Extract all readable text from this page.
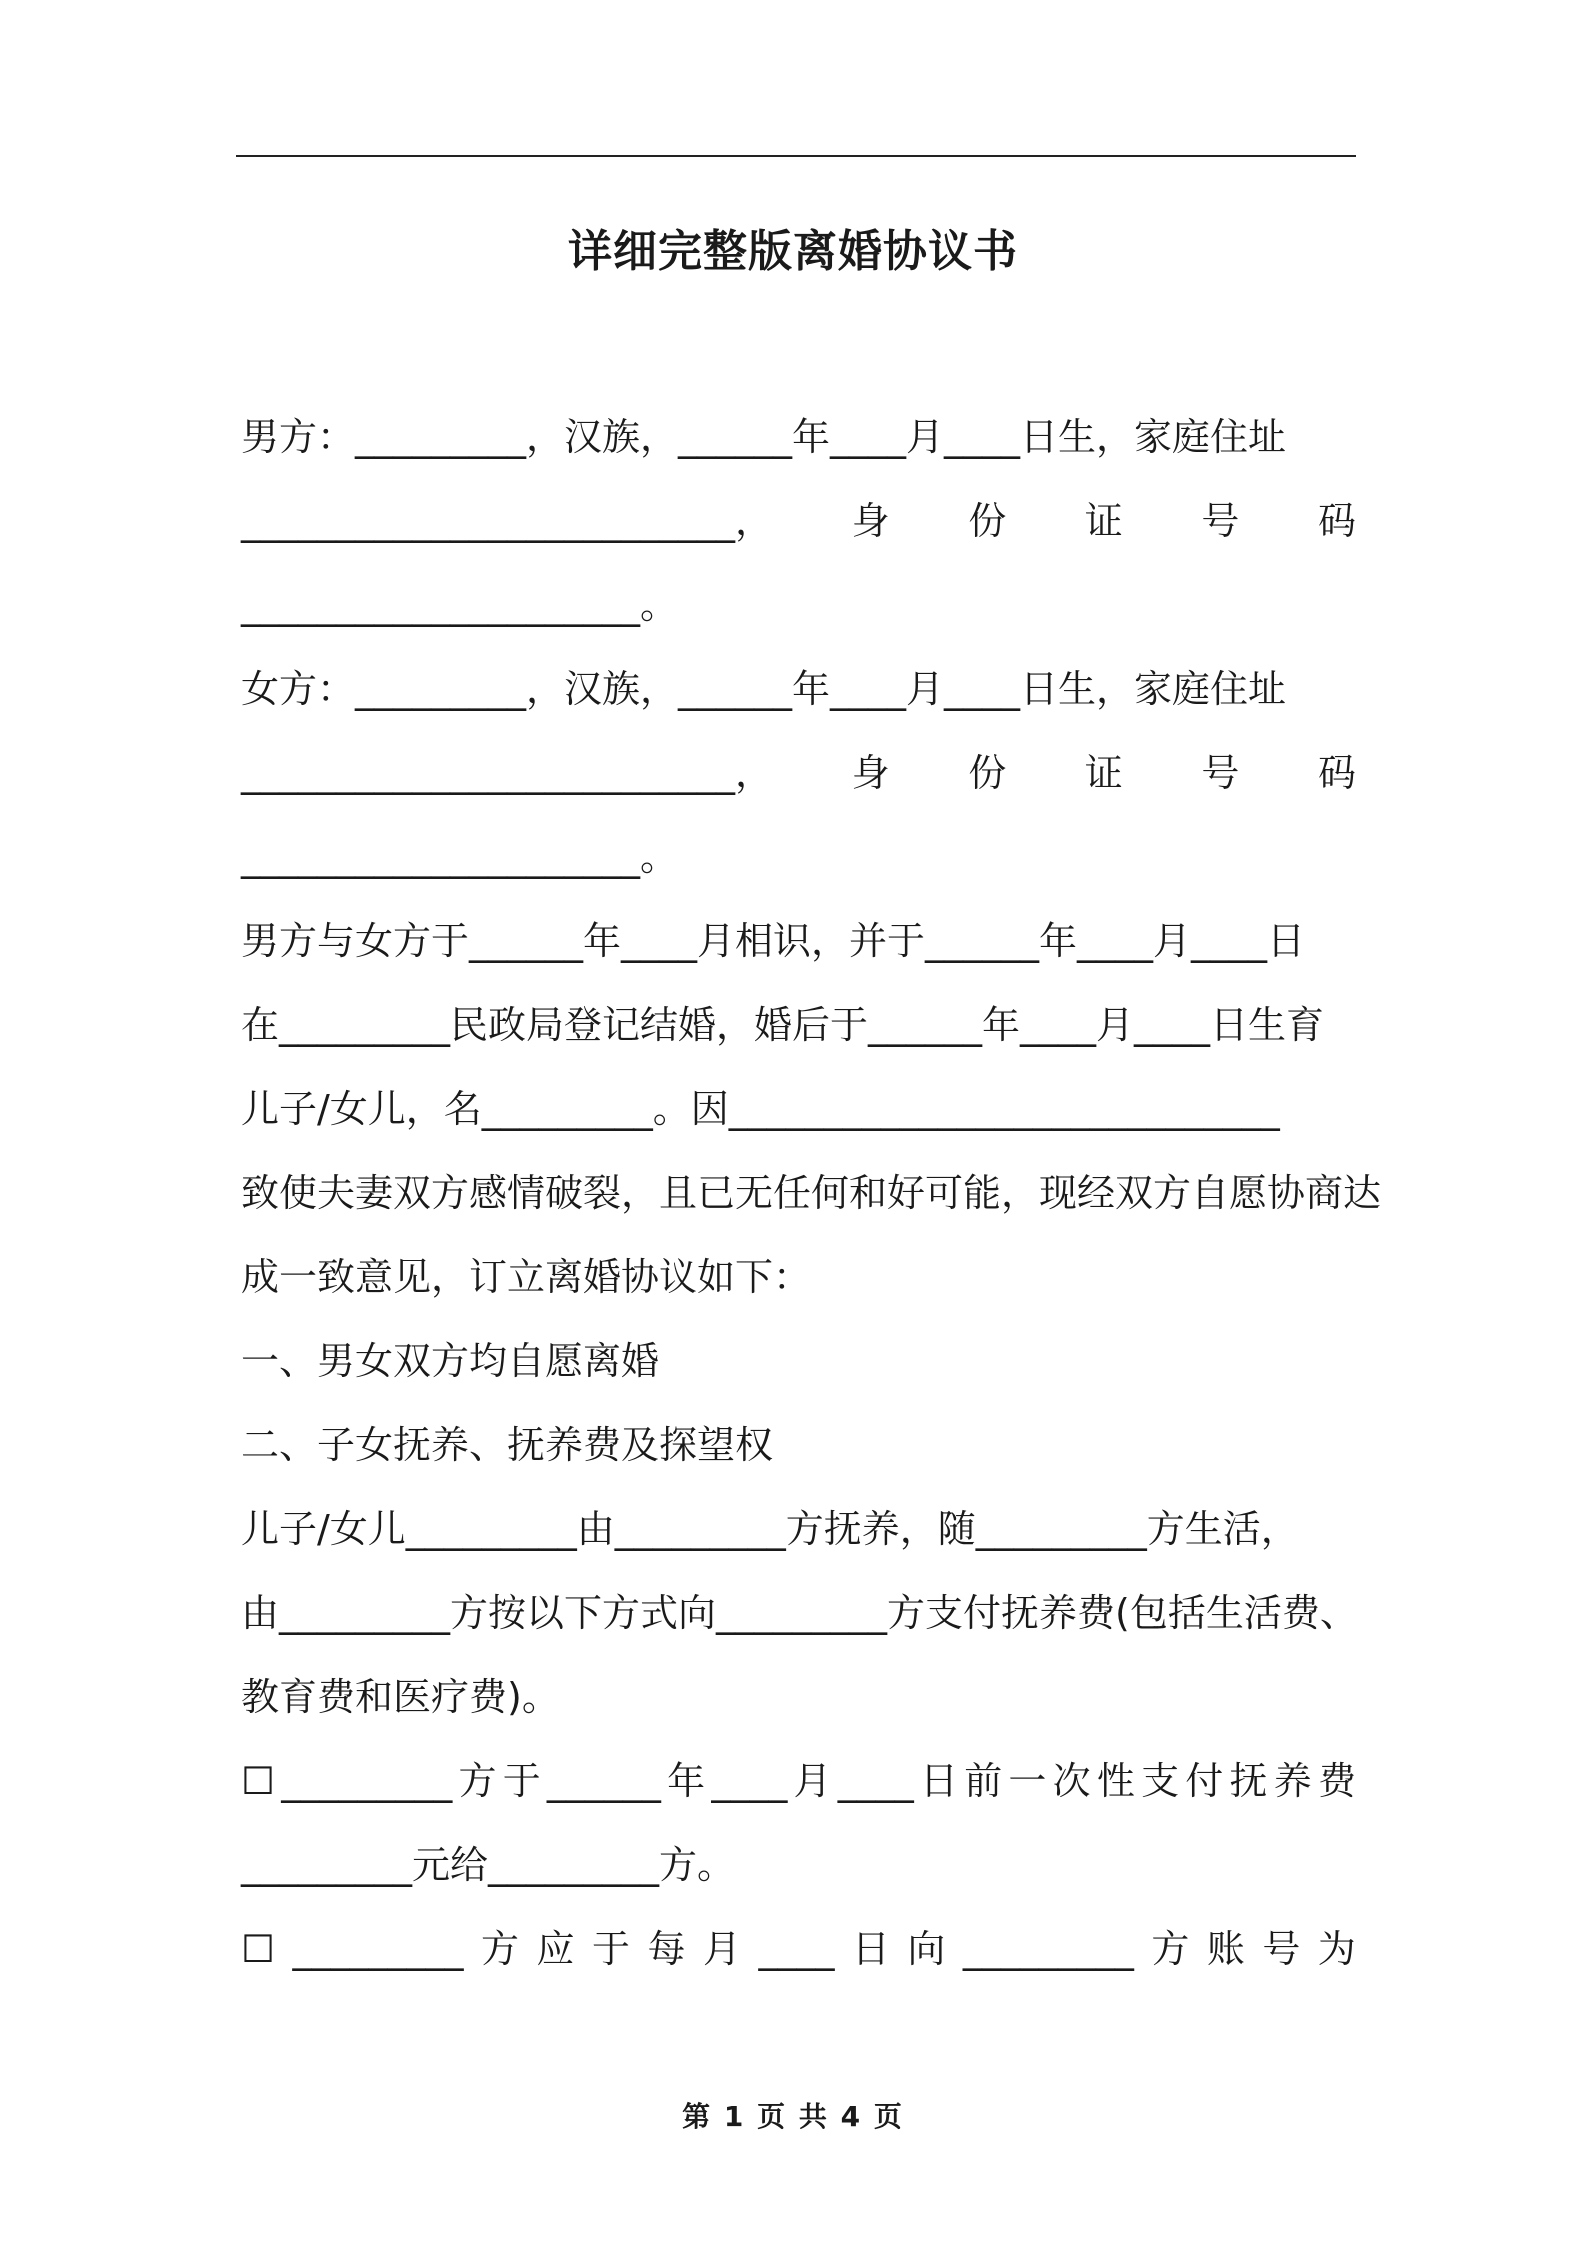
详细完整版离婚协议书
男方：_________，汉族，______年____月____日生，家庭住址
__________________________， 身 份 证 号 码
_____________________。
女方：_________，汉族，______年____月____日生，家庭住址
__________________________， 身 份 证 号 码
_____________________。
男方与女方于______年____月相识，并于______年____月____日
在_________民政局登记结婚，婚后于______年____月____日生育
儿子/女儿，名_________。因_____________________________
致使夫妻双方感情破裂，且已无任何和好可能，现经双方自愿协商达
成一致意见，订立离婚协议如下：
一、男女双方均自愿离婚
二、子女抚养、抚养费及探望权
儿子/女儿_________由_________方抚养，随_________方生活，
由_________方按以下方式向_________方支付抚养费(包括生活费、
教育费和医疗费)。
☐ _________ 方 于 ______ 年 ____ 月 ____ 日 前 一 次 性 支 付 抚 养 费
_________元给_________方。
☐ _________ 方 应 于 每 月 ____ 日 向 _________ 方 账 号 为
第 1 页 共 4 页
